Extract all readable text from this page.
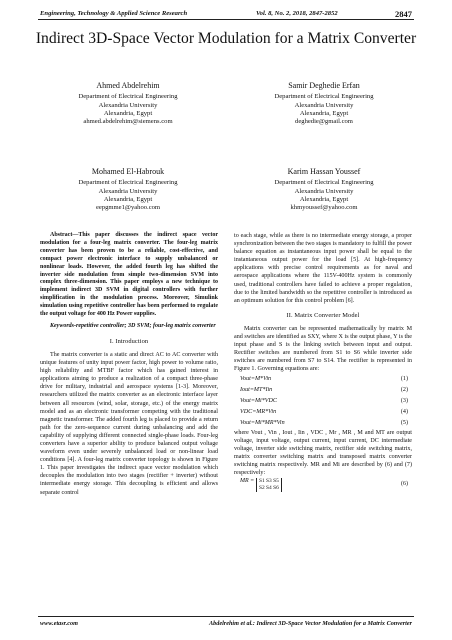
Engineering, Technology & Applied Science Research	Vol. 8, No. 2, 2018, 2847-2852	2847
Indirect 3D-Space Vector Modulation for a Matrix Converter
Ahmed Abdelrehim
Department of Electrical Engineering
Alexandria University
Alexandria, Egypt
ahmed.abdelrehim@siemens.com
Samir Deghedie Erfan
Department of Electrical Engineering
Alexandria University
Alexandria, Egypt
deghedie@gmail.com
Mohamed El-Habrouk
Department of Electrical Engineering
Alexandria University
Alexandria, Egypt
eepgmme1@yahoo.com
Karim Hassan Youssef
Department of Electrical Engineering
Alexandria University
Alexandria, Egypt
khmyoussef@yahoo.com
Abstract—This paper discusses the indirect space vector modulation for a four-leg matrix converter. The four-leg matrix converter has been proven to be a reliable, cost-effective, and compact power electronic interface to supply unbalanced or nonlinear loads. However, the added fourth leg has shifted the inverter side modulation from simple two-dimension SVM into complex three-dimension. This paper employs a new technique to implement indirect 3D SVM in digital controllers with further simplification in the modulation process. Moreover, Simulink simulation using repetitive controller has been performed to regulate the output voltage for 400 Hz Power supplies.
Keywords-repetitive controller; 3D SVM; four-leg matrix converter
I. Introduction

The matrix converter is a static and direct AC to AC converter with unique features of unity input power factor, high power to volume ratio, high reliability and MTBF factor which has gained interest in applications aiming to produce a realization of a compact three-phase drive for military, industrial and aerospace systems [1-3]. Moreover, researchers utilized the matrix converter as an electronic interface layer between all resources (wind, solar, storage, etc.) of the energy matrix model and as an electronic transformer competing with the traditional magnetic transformer. The added fourth leg is placed to provide a return path for the zero-sequence current during unbalancing and add the capability of supplying different connected single-phase loads. Four-leg converters have a superior ability to produce balanced output voltage waveform even under severely unbalanced load or non-linear load conditions [4]. A four-leg matrix converter topology is shown in Figure 1. This paper investigates the indirect space vector modulation which decouples the modulation into two stages (rectifier + inverter) without intermediate energy storage. This decoupling is efficient and allows separate control

to each stage, while as there is no intermediate energy storage, a proper synchronization between the two stages is mandatory to fulfill the power balance equation as instantaneous input power shall be equal to the instantaneous output power for the load [5]. At high-frequency applications with precise control requirements as for naval and aerospace applications where the 115V-400Hz system is commonly used, traditional controllers have failed to achieve a proper regulation, due to the limited bandwidth so the repetitive controller is introduced as an optimum solution for this control problem [6].

II. Matrix Converter Model

Matrix converter can be represented mathematically by matrix M and switches are identified as SXY, where X is the output phase, Y is the input phase and S is the linking switch between input and output. Rectifier switches are numbered from S1 to S6 while inverter side switches are numbered from S7 to S14. The rectifier is represented in Figure 1. Governing equations are:

Vout=M*Vin	(1)
Iout=MT*Iin	(2)
Vout=Mi*VDC	(3)
VDC=MR*Vin	(4)
Vout=Mi*MR*Vin	(5)

where Vout , Vin , Iout , Iin , VDC , Mr , MR , M and MT are output voltage, input voltage, output current, input current, DC intermediate voltage, inverter side switching matrix, rectifier side switching matrix, matrix converter switching matrix and transposed matrix converter switching matrix respectively. MR and Mi are described by (6) and (7) respectively:

MR = S1 S3 S5
S2 S4 S6
(6)
www.etasr.com	Abdelrehim et al.: Indirect 3D-Space Vector Modulation for a Matrix Converter
